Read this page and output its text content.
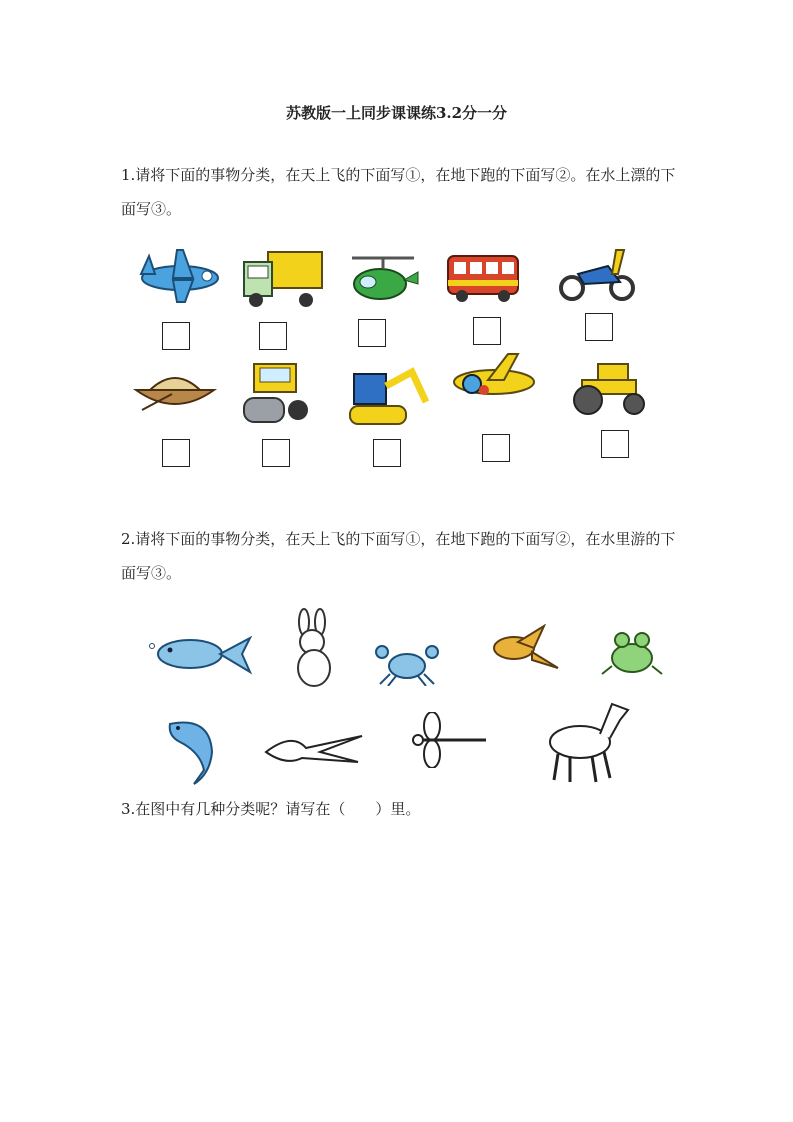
苏教版一上同步课课练3.2分一分
1.请将下面的事物分类，在天上飞的下面写①，在地下跑的下面写②。在水上漂的下面写③。
2.请将下面的事物分类，在天上飞的下面写①，在地下跑的下面写②，在水里游的下面写③。
3.在图中有几种分类呢？请写在（　　）里。
